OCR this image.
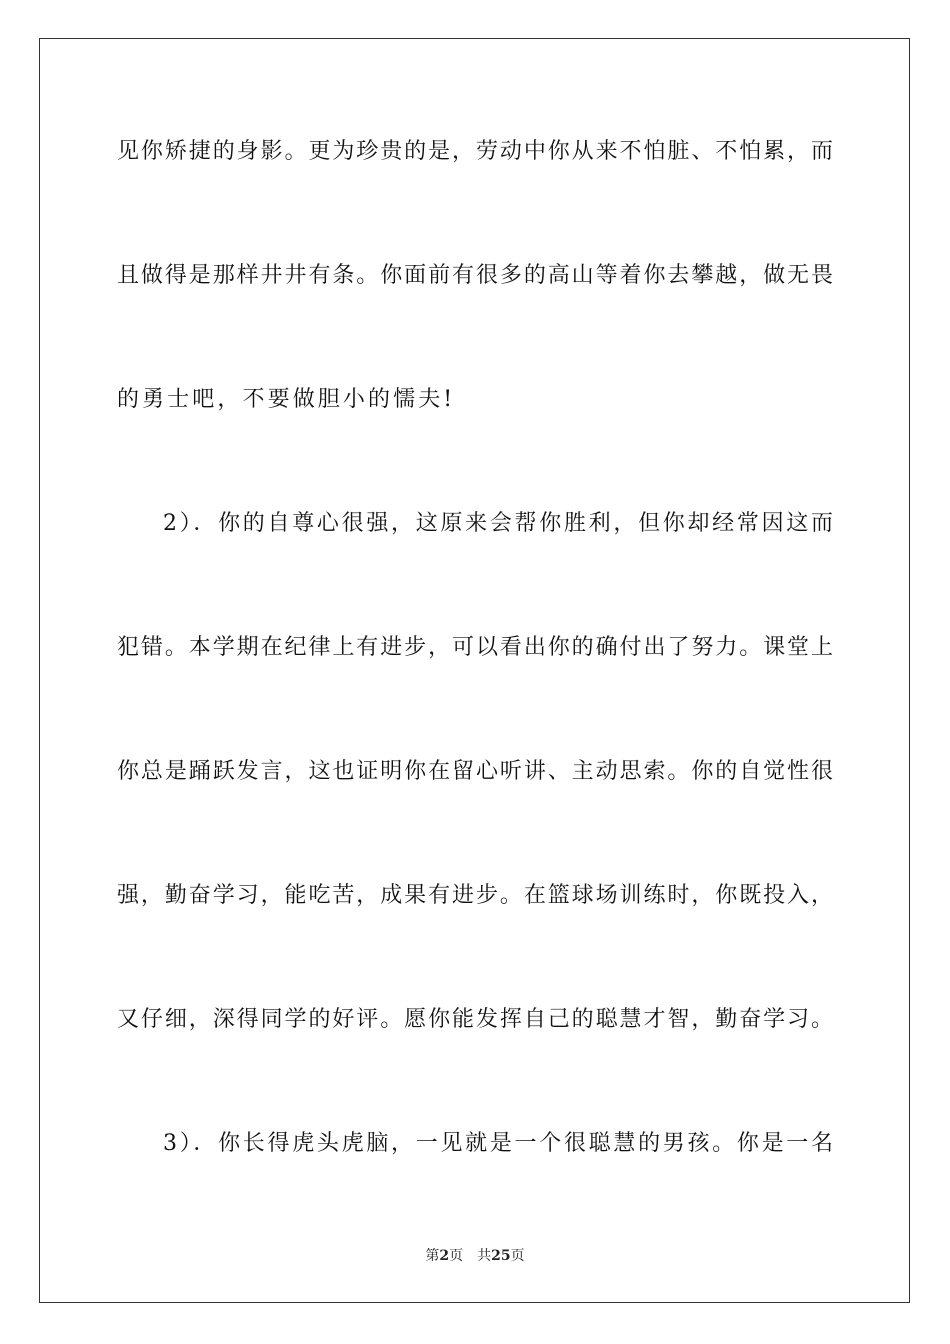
见你矫捷的身影。更为珍贵的是，劳动中你从来不怕脏、不怕累，而
且做得是那样井井有条。你面前有很多的高山等着你去攀越，做无畏
的勇士吧，不要做胆小的懦夫!
2）．你的自尊心很强，这原来会帮你胜利，但你却经常因这而
犯错。本学期在纪律上有进步，可以看出你的确付出了努力。课堂上
你总是踊跃发言，这也证明你在留心听讲、主动思索。你的自觉性很
强，勤奋学习，能吃苦，成果有进步。在篮球场训练时，你既投入，
又仔细，深得同学的好评。愿你能发挥自己的聪慧才智，勤奋学习。
3）．你长得虎头虎脑，一见就是一个很聪慧的男孩。你是一名
第2页 共25页
